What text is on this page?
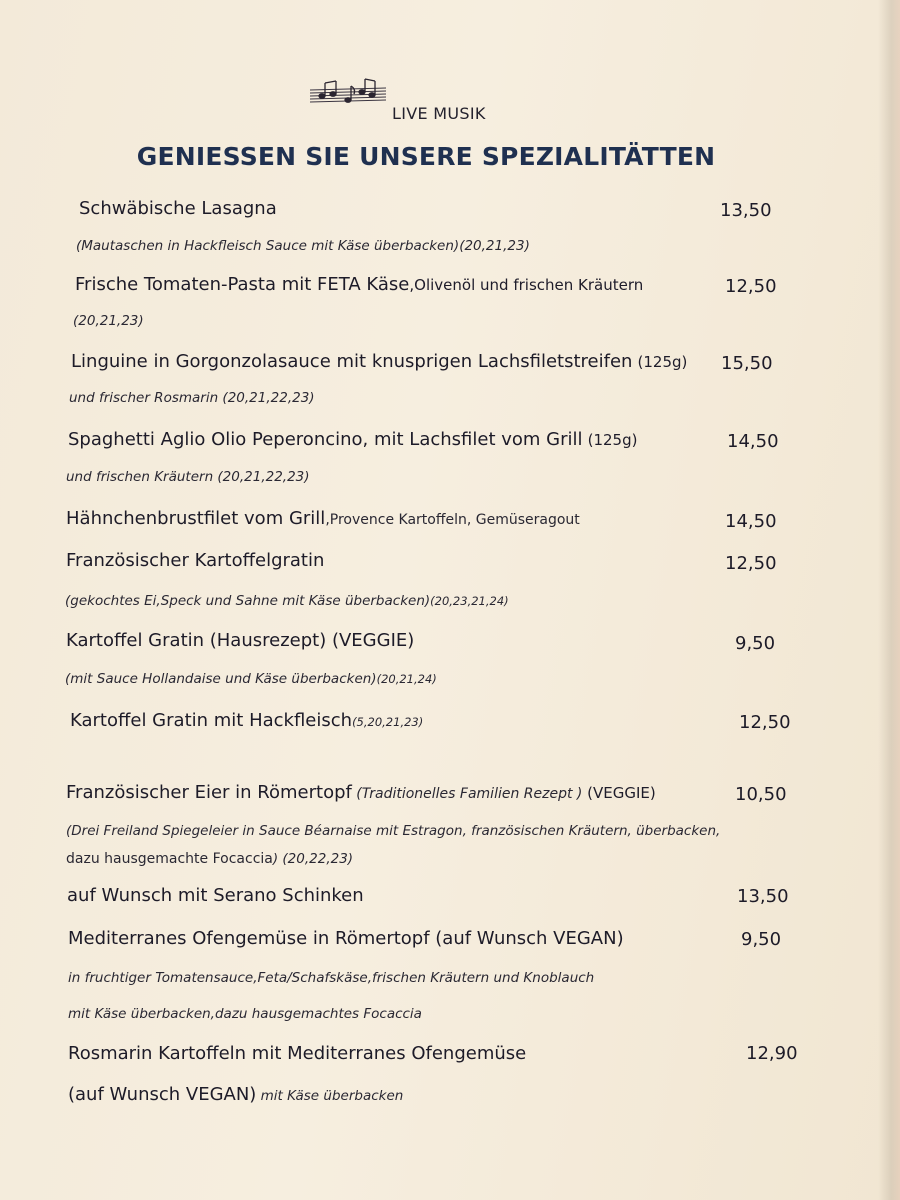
LIVE MUSIK
GENIESSEN SIE UNSERE SPEZIALITÄTTEN
Schwäbische Lasagna	13,50
(Mautaschen in Hackfleisch Sauce mit Käse überbacken)(20,21,23)
Frische Tomaten-Pasta mit FETA Käse,Olivenöl und frischen Kräutern	12,50
(20,21,23)
Linguine in Gorgonzolasauce mit knusprigen Lachsfiletstreifen (125g) 15,50
und frischer Rosmarin (20,21,22,23)
Spaghetti Aglio Olio Peperoncino, mit Lachsfilet vom Grill (125g)	14,50
und frischen Kräutern (20,21,22,23)
Hähnchenbrustfilet vom Grill,Provence Kartoffeln, Gemüseragout	14,50
Französischer Kartoffelgratin	12,50
(gekochtes Ei,Speck und Sahne mit Käse überbacken)(20,23,21,24)
Kartoffel Gratin (Hausrezept) (VEGGIE)	9,50
(mit Sauce Hollandaise und Käse überbacken)(20,21,24)
Kartoffel Gratin mit Hackfleisch(5,20,21,23)	12,50
Französischer Eier in Römertopf (Traditionelles Familien Rezept ) (VEGGIE)	10,50
(Drei Freiland Spiegeleier in Sauce Béarnaise mit Estragon, französischen Kräutern, überbacken,
dazu hausgemachte Focaccia) (20,22,23)
auf Wunsch mit Serano Schinken	13,50
Mediterranes Ofengemüse in Römertopf (auf Wunsch VEGAN)	9,50
in fruchtiger Tomatensauce,Feta/Schafskäse,frischen Kräutern und Knoblauch
mit Käse überbacken,dazu hausgemachtes Focaccia
Rosmarin Kartoffeln mit Mediterranes Ofengemüse	12,90
(auf Wunsch VEGAN) mit Käse überbacken
